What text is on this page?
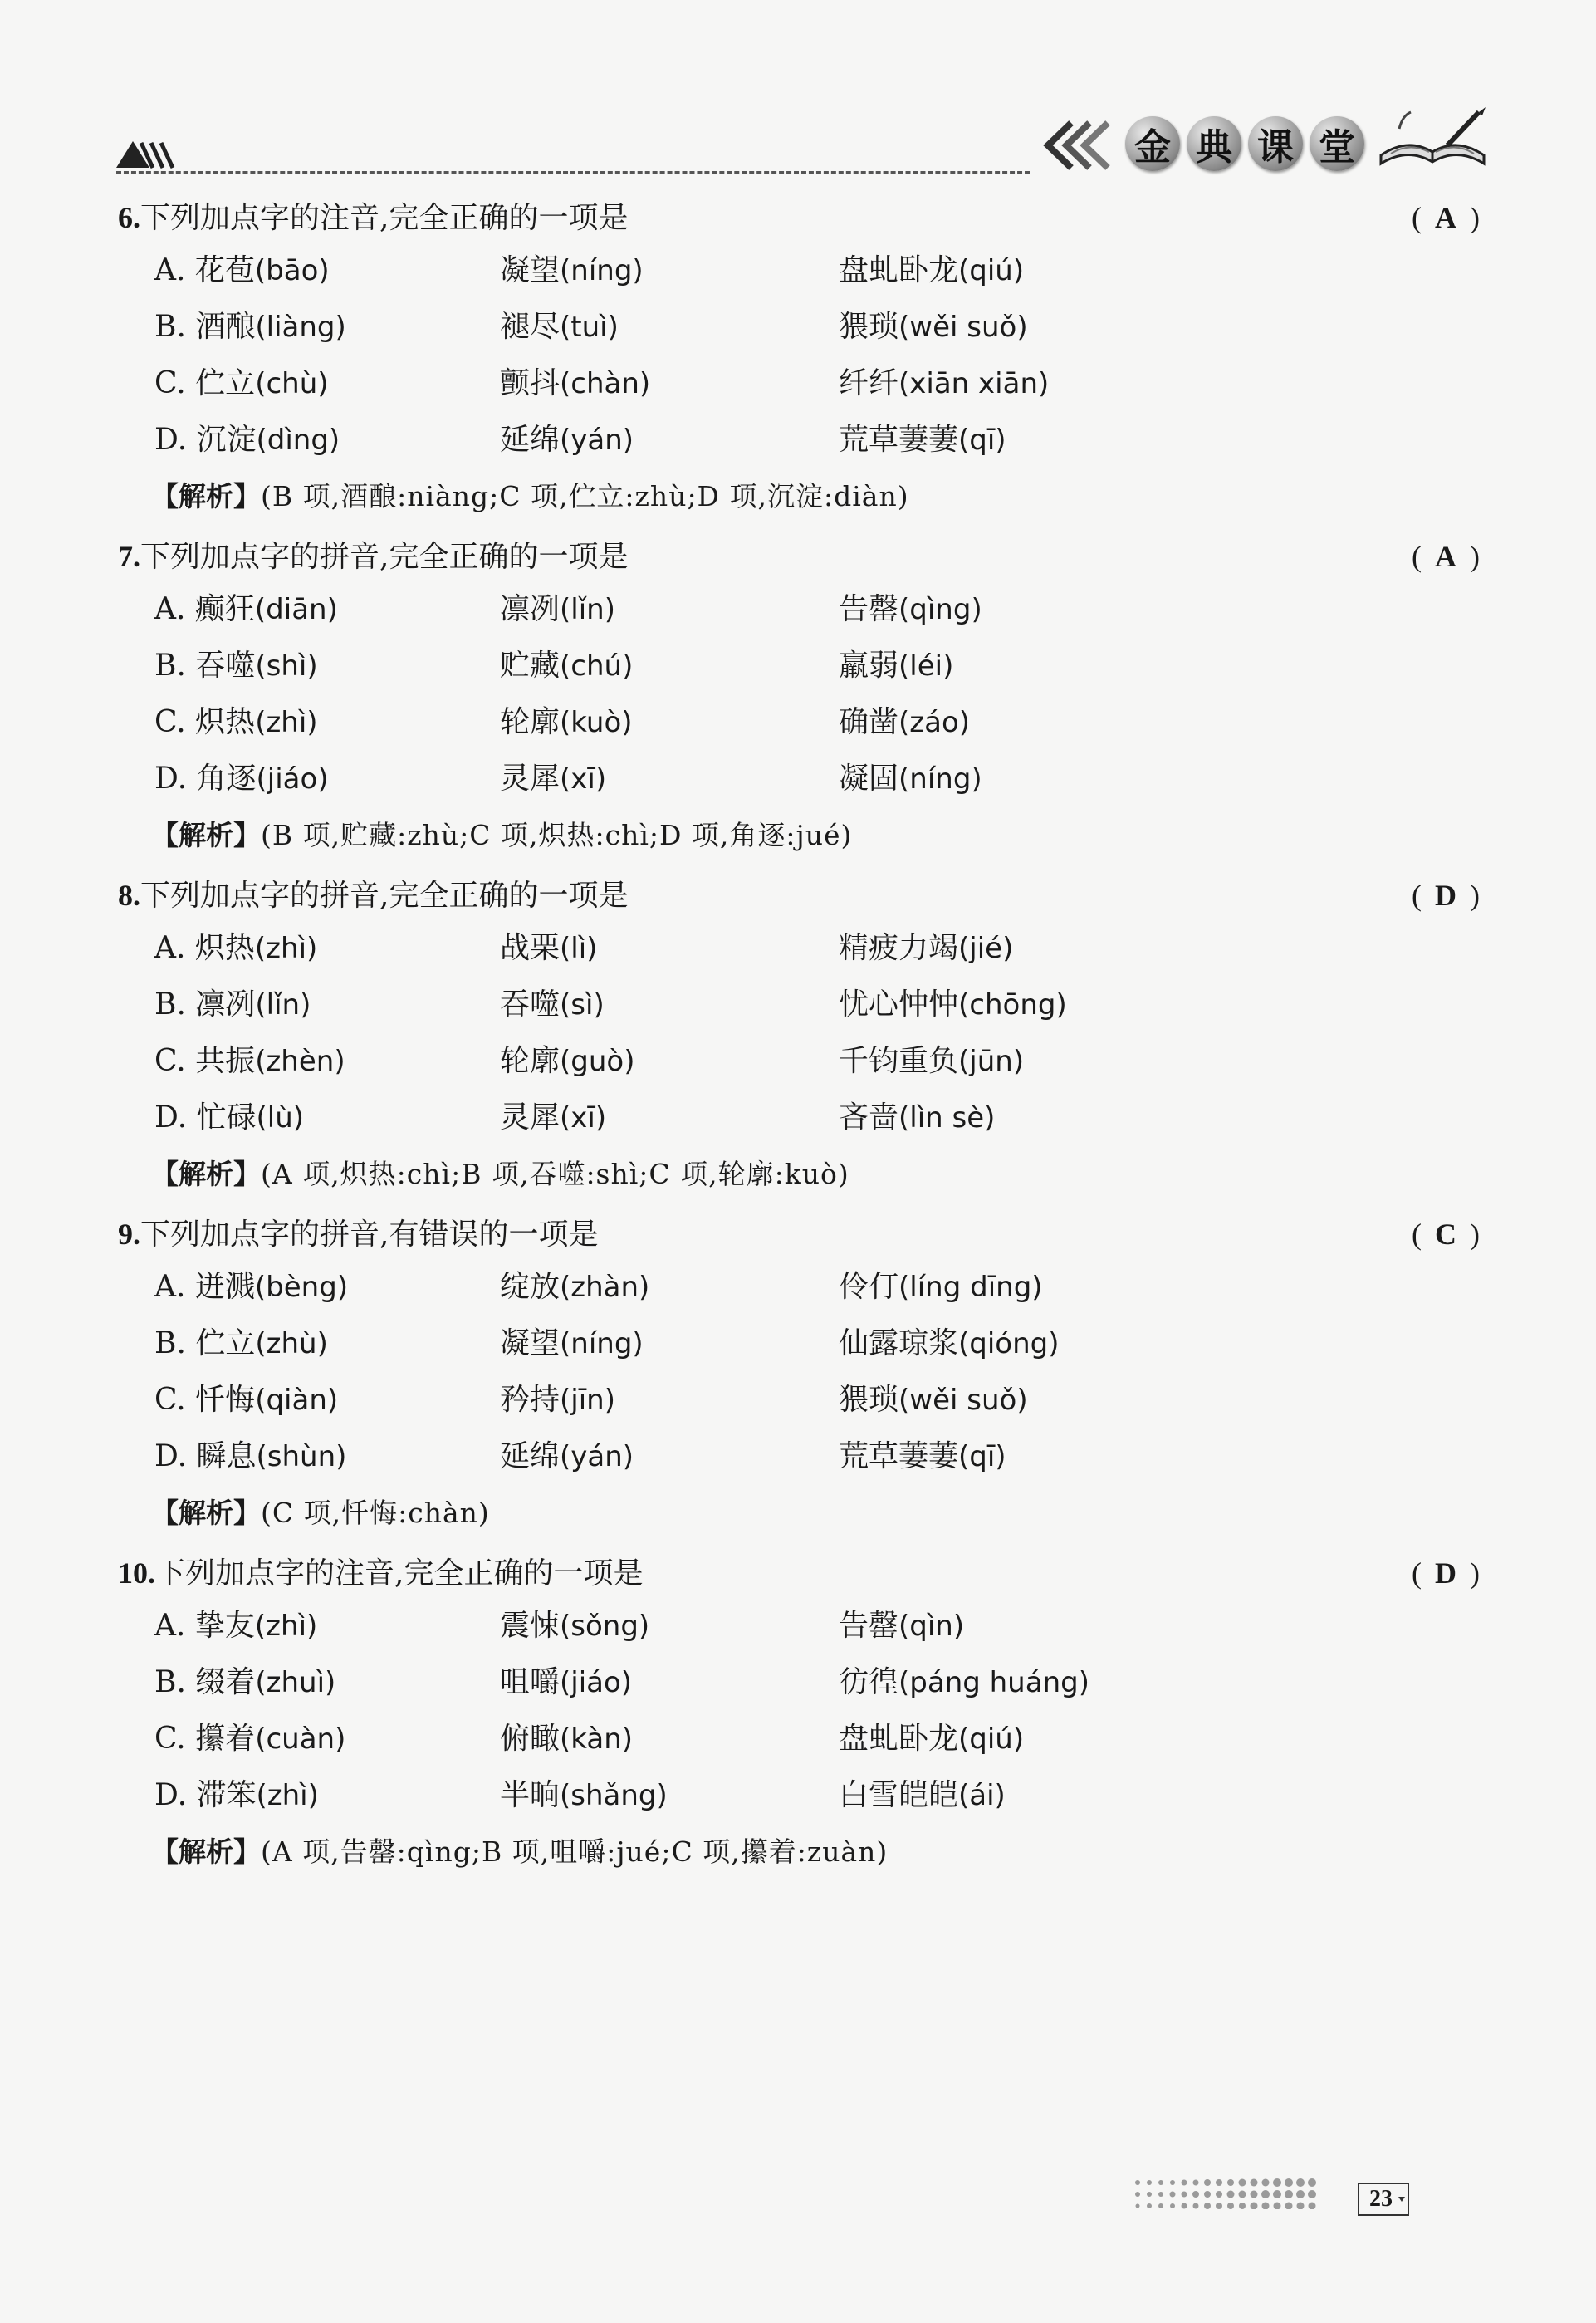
金 典 课 堂
6.下列加点字的注音,完全正确的一项是	( A )
A. 花苞(bāo)	凝望(níng)	盘虬卧龙(qiú)
B. 酒酿(liàng)	褪尽(tuì)	猥琐(wěi suǒ)
C. 伫立(chù)	颤抖(chàn)	纤纤(xiān xiān)
D. 沉淀(dìng)	延绵(yán)	荒草萋萋(qī)
【解析】(B 项,酒酿:niàng;C 项,伫立:zhù;D 项,沉淀:diàn)
7.下列加点字的拼音,完全正确的一项是	( A )
A. 癫狂(diān)	凛冽(lǐn)	告罄(qìng)
B. 吞噬(shì)	贮藏(chú)	羸弱(léi)
C. 炽热(zhì)	轮廓(kuò)	确凿(záo)
D. 角逐(jiáo)	灵犀(xī)	凝固(níng)
【解析】(B 项,贮藏:zhù;C 项,炽热:chì;D 项,角逐:jué)
8.下列加点字的拼音,完全正确的一项是	( D )
A. 炽热(zhì)	战栗(lì)	精疲力竭(jié)
B. 凛冽(lǐn)	吞噬(sì)	忧心忡忡(chōng)
C. 共振(zhèn)	轮廓(guò)	千钧重负(jūn)
D. 忙碌(lù)	灵犀(xī)	吝啬(lìn sè)
【解析】(A 项,炽热:chì;B 项,吞噬:shì;C 项,轮廓:kuò)
9.下列加点字的拼音,有错误的一项是	( C )
A. 迸溅(bèng)	绽放(zhàn)	伶仃(líng dīng)
B. 伫立(zhù)	凝望(níng)	仙露琼浆(qióng)
C. 忏悔(qiàn)	矜持(jīn)	猥琐(wěi suǒ)
D. 瞬息(shùn)	延绵(yán)	荒草萋萋(qī)
【解析】(C 项,忏悔:chàn)
10.下列加点字的注音,完全正确的一项是	( D )
A. 挚友(zhì)	震悚(sǒng)	告罄(qìn)
B. 缀着(zhuì)	咀嚼(jiáo)	彷徨(páng huáng)
C. 攥着(cuàn)	俯瞰(kàn)	盘虬卧龙(qiú)
D. 滞笨(zhì)	半晌(shǎng)	白雪皑皑(ái)
【解析】(A 项,告罄:qìng;B 项,咀嚼:jué;C 项,攥着:zuàn)
23
